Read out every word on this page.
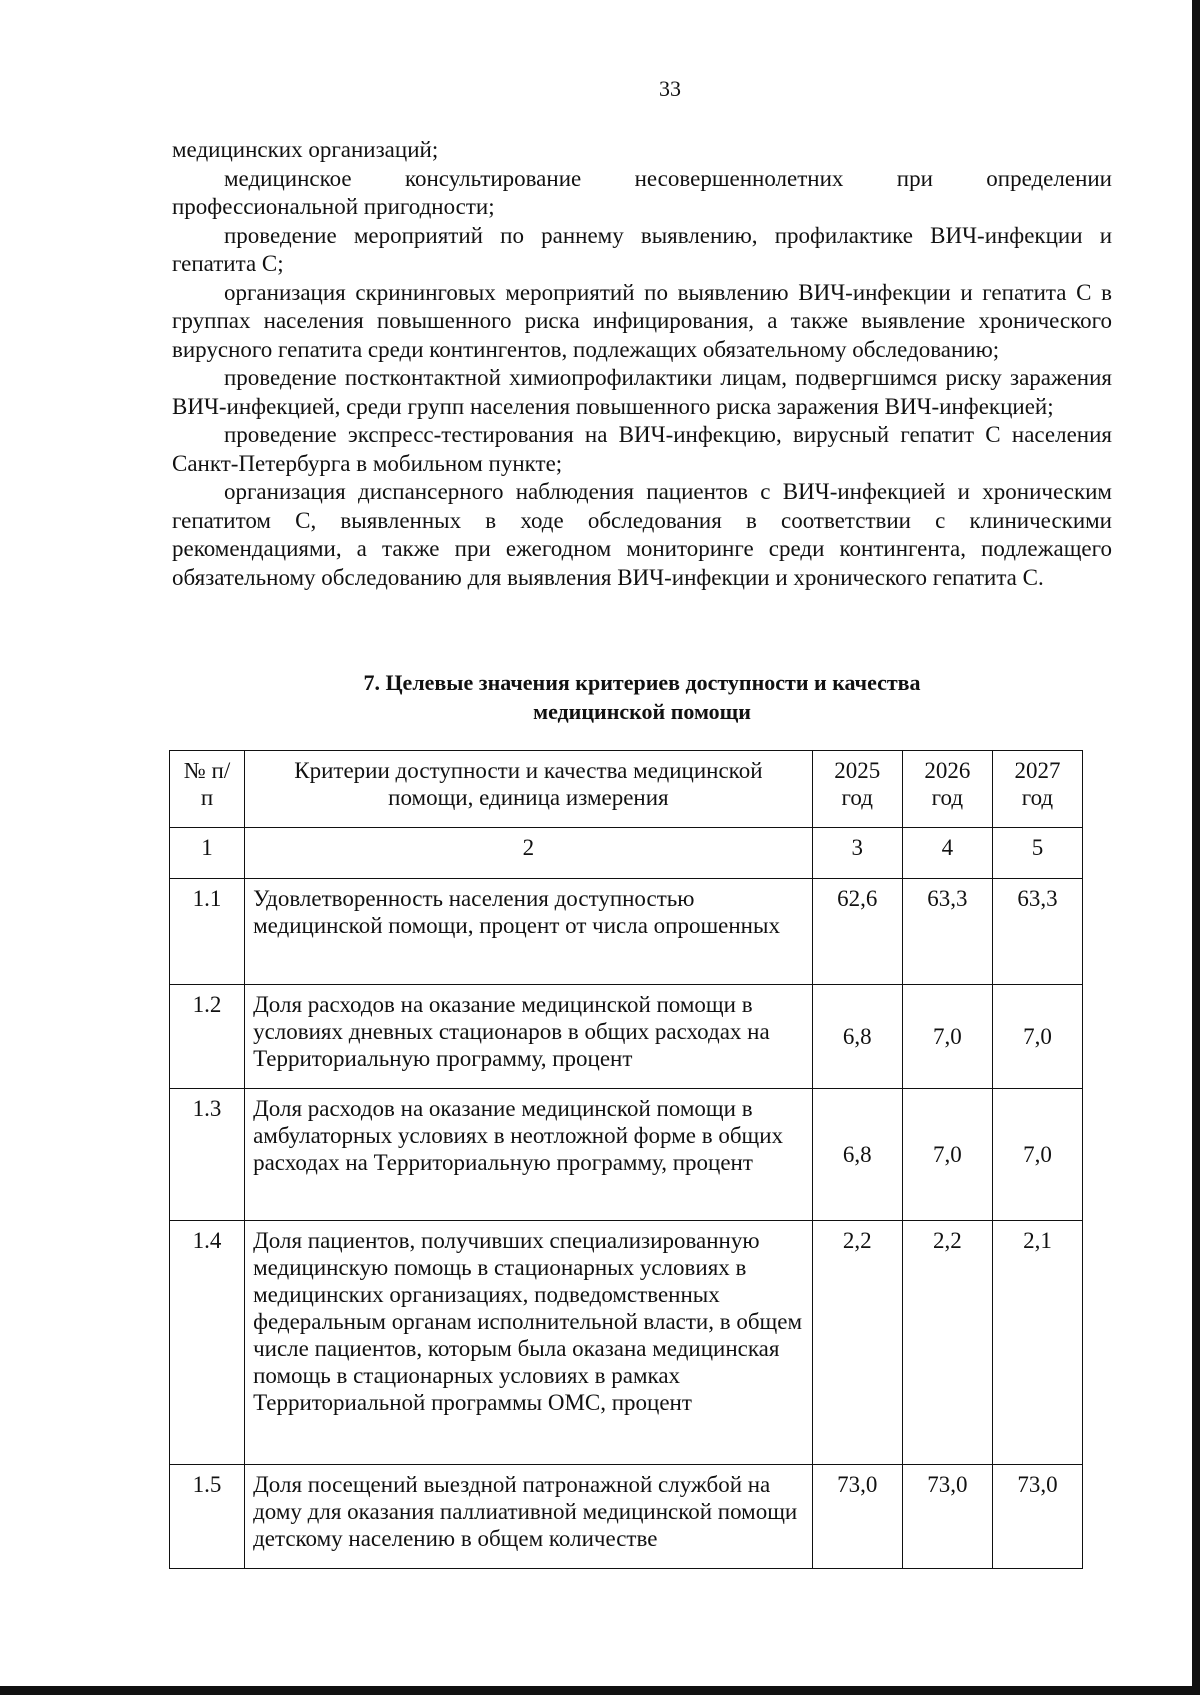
33

медицинских организаций;

медицинское консультирование несовершеннолетних при определении профессиональной пригодности;

проведение мероприятий по раннему выявлению, профилактике ВИЧ-инфекции и гепатита С;

организация скрининговых мероприятий по выявлению ВИЧ-инфекции и гепатита С в группах населения повышенного риска инфицирования, а также выявление хронического вирусного гепатита среди контингентов, подлежащих обязательному обследованию;

проведение постконтактной химиопрофилактики лицам, подвергшимся риску заражения ВИЧ-инфекцией, среди групп населения повышенного риска заражения ВИЧ-инфекцией;

проведение экспресс-тестирования на ВИЧ-инфекцию, вирусный гепатит С населения Санкт-Петербурга в мобильном пункте;

организация диспансерного наблюдения пациентов с ВИЧ-инфекцией и хроническим гепатитом С, выявленных в ходе обследования в соответствии с клиническими рекомендациями, а также при ежегодном мониторинге среди контингента, подлежащего обязательному обследованию для выявления ВИЧ-инфекции и хронического гепатита С.

7. Целевые значения критериев доступности и качества
медицинской помощи
№ п/п	Критерии доступности и качества медицинской помощи, единица измерения	2025 год	2026 год	2027 год
1	2	3	4	5
1.1	Удовлетворенность населения доступностью медицинской помощи, процент от числа опрошенных	62,6	63,3	63,3
1.2	Доля расходов на оказание медицинской помощи в условиях дневных стационаров в общих расходах на Территориальную программу, процент	6,8	7,0	7,0
1.3	Доля расходов на оказание медицинской помощи в амбулаторных условиях в неотложной форме в общих расходах на Территориальную программу, процент	6,8	7,0	7,0
1.4	Доля пациентов, получивших специализированную медицинскую помощь в стационарных условиях в медицинских организациях, подведомственных федеральным органам исполнительной власти, в общем числе пациентов, которым была оказана медицинская помощь в стационарных условиях в рамках Территориальной программы ОМС, процент	2,2	2,2	2,1
1.5	Доля посещений выездной патронажной службой на дому для оказания паллиативной медицинской помощи детскому населению в общем количестве	73,0	73,0	73,0
